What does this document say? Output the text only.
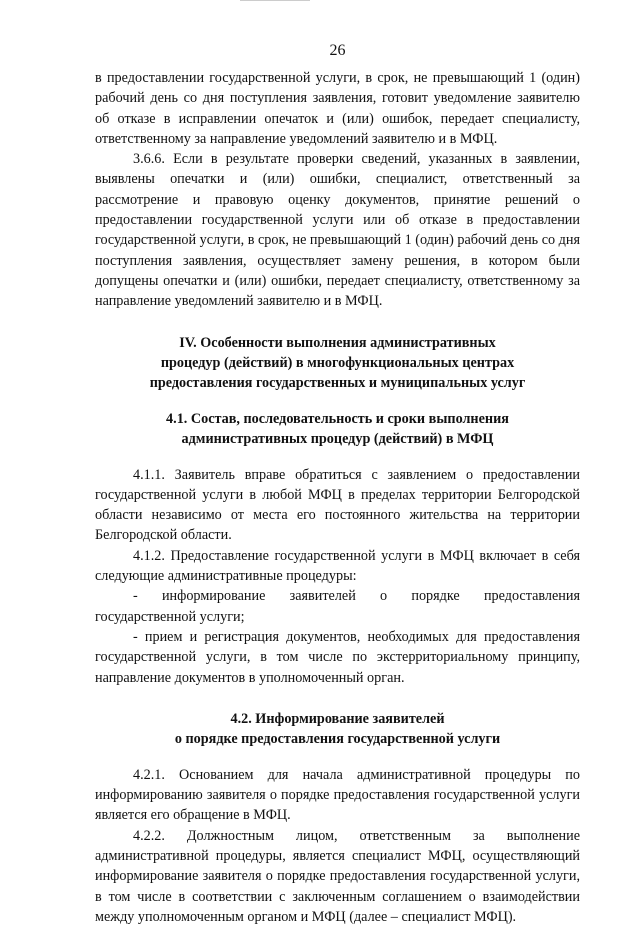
26

в предоставлении государственной услуги, в срок, не превышающий 1 (один) рабочий день со дня поступления заявления, готовит уведомление заявителю об отказе в исправлении опечаток и (или) ошибок, передает специалисту, ответственному за направление уведомлений заявителю и в МФЦ.

3.6.6. Если в результате проверки сведений, указанных в заявлении, выявлены опечатки и (или) ошибки, специалист, ответственный за рассмотрение и правовую оценку документов, принятие решений о предоставлении государственной услуги или об отказе в предоставлении государственной услуги, в срок, не превышающий 1 (один) рабочий день со дня поступления заявления, осуществляет замену решения, в котором были допущены опечатки и (или) ошибки, передает специалисту, ответственному за направление уведомлений заявителю и в МФЦ.

IV. Особенности выполнения административных

процедур (действий) в многофункциональных центрах

предоставления государственных и муниципальных услуг

4.1. Состав, последовательность и сроки выполнения

административных процедур (действий) в МФЦ

4.1.1. Заявитель вправе обратиться с заявлением о предоставлении государственной услуги в любой МФЦ в пределах территории Белгородской области независимо от места его постоянного жительства на территории Белгородской области.

4.1.2. Предоставление государственной услуги в МФЦ включает в себя следующие административные процедуры:

- информирование заявителей о порядке предоставления государственной услуги;

- прием и регистрация документов, необходимых для предоставления государственной услуги, в том числе по экстерриториальному принципу, направление документов в уполномоченный орган.

4.2. Информирование заявителей

о порядке предоставления государственной услуги

4.2.1. Основанием для начала административной процедуры по информированию заявителя о порядке предоставления государственной услуги является его обращение в МФЦ.

4.2.2. Должностным лицом, ответственным за выполнение административной процедуры, является специалист МФЦ, осуществляющий информирование заявителя о порядке предоставления государственной услуги, в том числе в соответствии с заключенным соглашением о взаимодействии между уполномоченным органом и МФЦ (далее – специалист МФЦ).
